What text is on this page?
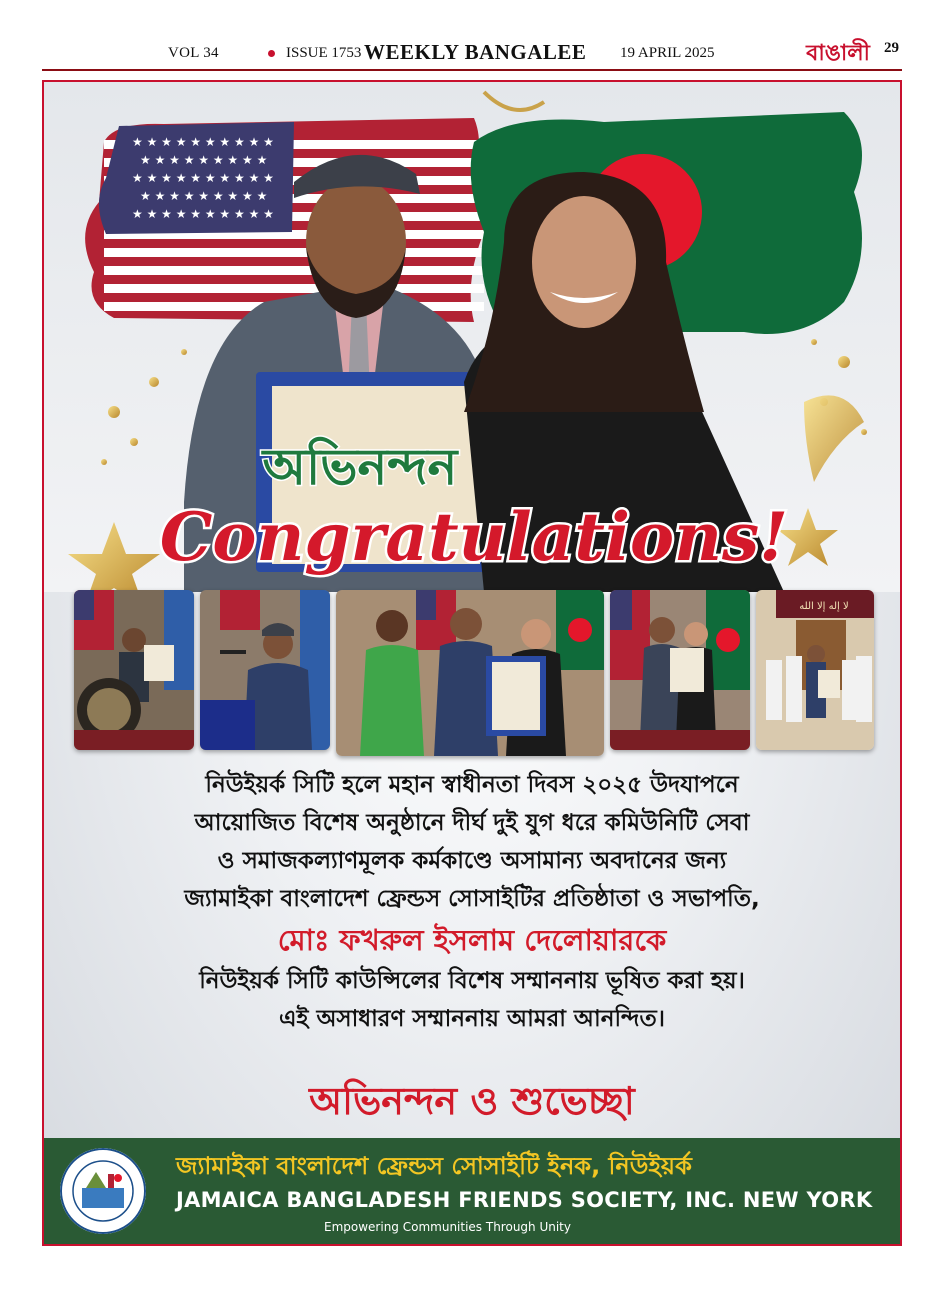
VOL 34	ISSUE 1753 WEEKLY BANGALEE 19 APRIL 2025	বাঙালী 29
★ ★ ★ ★ ★ ★ ★ ★ ★ ★
★ ★ ★ ★ ★ ★ ★ ★ ★
★ ★ ★ ★ ★ ★ ★ ★ ★ ★
★ ★ ★ ★ ★ ★ ★ ★ ★
★ ★ ★ ★ ★ ★ ★ ★ ★ ★
অভিনন্দন
Congratulations!
لا إله إلا الله
নিউইয়র্ক সিটি হলে মহান স্বাধীনতা দিবস ২০২৫ উদযাপনে
আয়োজিত বিশেষ অনুষ্ঠানে দীর্ঘ দুই যুগ ধরে কমিউনিটি সেবা
ও সমাজকল্যাণমূলক কর্মকাণ্ডে অসামান্য অবদানের জন্য
জ্যামাইকা বাংলাদেশ ফ্রেন্ডস সোসাইটির প্রতিষ্ঠাতা ও সভাপতি,
মোঃ ফখরুল ইসলাম দেলোয়ারকে
নিউইয়র্ক সিটি কাউন্সিলের বিশেষ সম্মাননায় ভূষিত করা হয়।
এই অসাধারণ সম্মাননায় আমরা আনন্দিত।
অভিনন্দন ও শুভেচ্ছা
জ্যামাইকা বাংলাদেশ ফ্রেন্ডস সোসাইটি ইনক, নিউইয়র্ক
JAMAICA BANGLADESH FRIENDS SOCIETY, INC. NEW YORK
Empowering Communities Through Unity
